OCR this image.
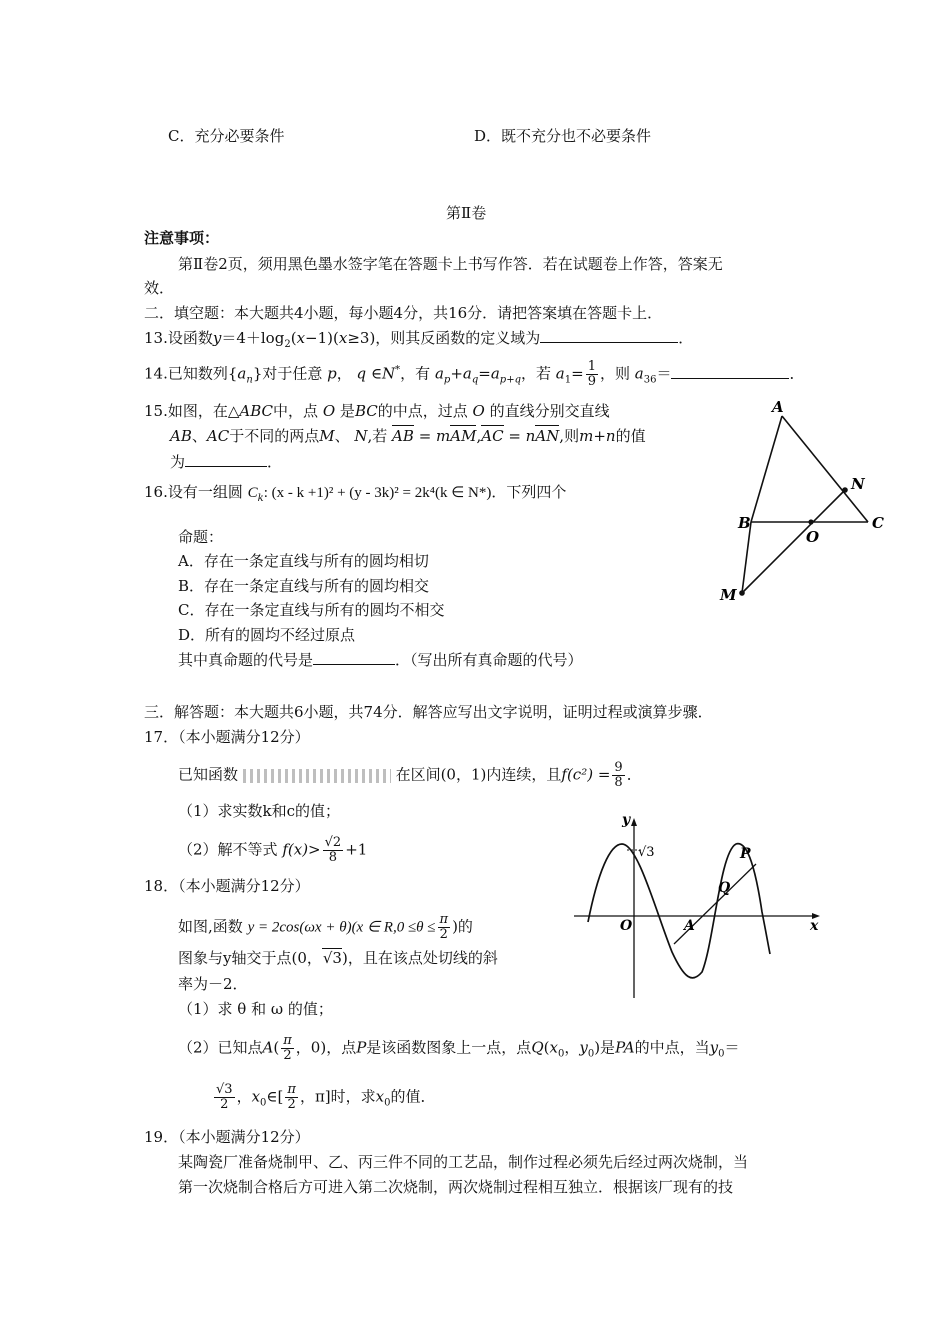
C．充分必要条件	D．既不充分也不必要条件
第Ⅱ卷
注意事项：
第Ⅱ卷2页，须用黑色墨水签字笔在答题卡上书写作答．若在试题卷上作答，答案无
效．
二．填空题：本大题共4小题，每小题4分，共16分．请把答案填在答题卡上．
13.设函数$y=4+\log_2(x-1)(x\ge 3)$，则其反函数的定义域为	．
14.已知数列$\{a_n\}$对于任意 p， q ∈N*，有 $a_p+a_q=a_{p+q}$，若 $a_1= \frac{1}{9}$ ，则 $a_{36}=$	．
15.如图，在△ABC中，点 O 是BC的中点，过点 O 的直线分别交直线
AB、AC于不同的两点M、 N,若 AB = mAM,AC = nAN,则m+n的值
为	．
16.设有一组圆 $C_k$: (x - k +1)² + (y - 3k)² = 2k⁴(k ∈ N*)．下列四个
命题：
A．存在一条定直线与所有的圆均相切
B．存在一条定直线与所有的圆均相交
C．存在一条定直线与所有的圆均不相交
D．所有的圆均不经过原点
其中真命题的代号是	．（写出所有真命题的代号）
A
N
B
O
C
M
三．解答题：本大题共6小题，共74分．解答应写出文字说明，证明过程或演算步骤．
17．（本小题满分12分）
已知函数	在区间(0，1)内连续，且$f(c^2) = \frac{9}{8}$ ．
（1）求实数k和c的值；
（2）解不等式 $f(x)> \frac{√2}{8} +1$
18．（本小题满分12分）
如图,函数 y = 2cos(ωx + θ)(x ∈ $R,0 \le\theta \le \frac{\pi}{2}$ )的
图象与y轴交于点(0，√3)，且在该点处切线的斜
率为－2．
（1）求 θ 和 ω 的值；
（2）已知点$A( \frac{\pi}{2}$ ，0)，点P是该函数图象上一点，点$Q(x_0$，$y_0$)是PA的中点，当$y_0=$
$\frac{√3}{2}$ ，$x_0\in[ \frac{\pi}{2}$ ，π]时，求$x_0$的值．
y
√3	P
Q
O	A	x
19．（本小题满分12分）
某陶瓷厂准备烧制甲、乙、丙三件不同的工艺品，制作过程必须先后经过两次烧制，当
第一次烧制合格后方可进入第二次烧制，两次烧制过程相互独立．根据该厂现有的技
